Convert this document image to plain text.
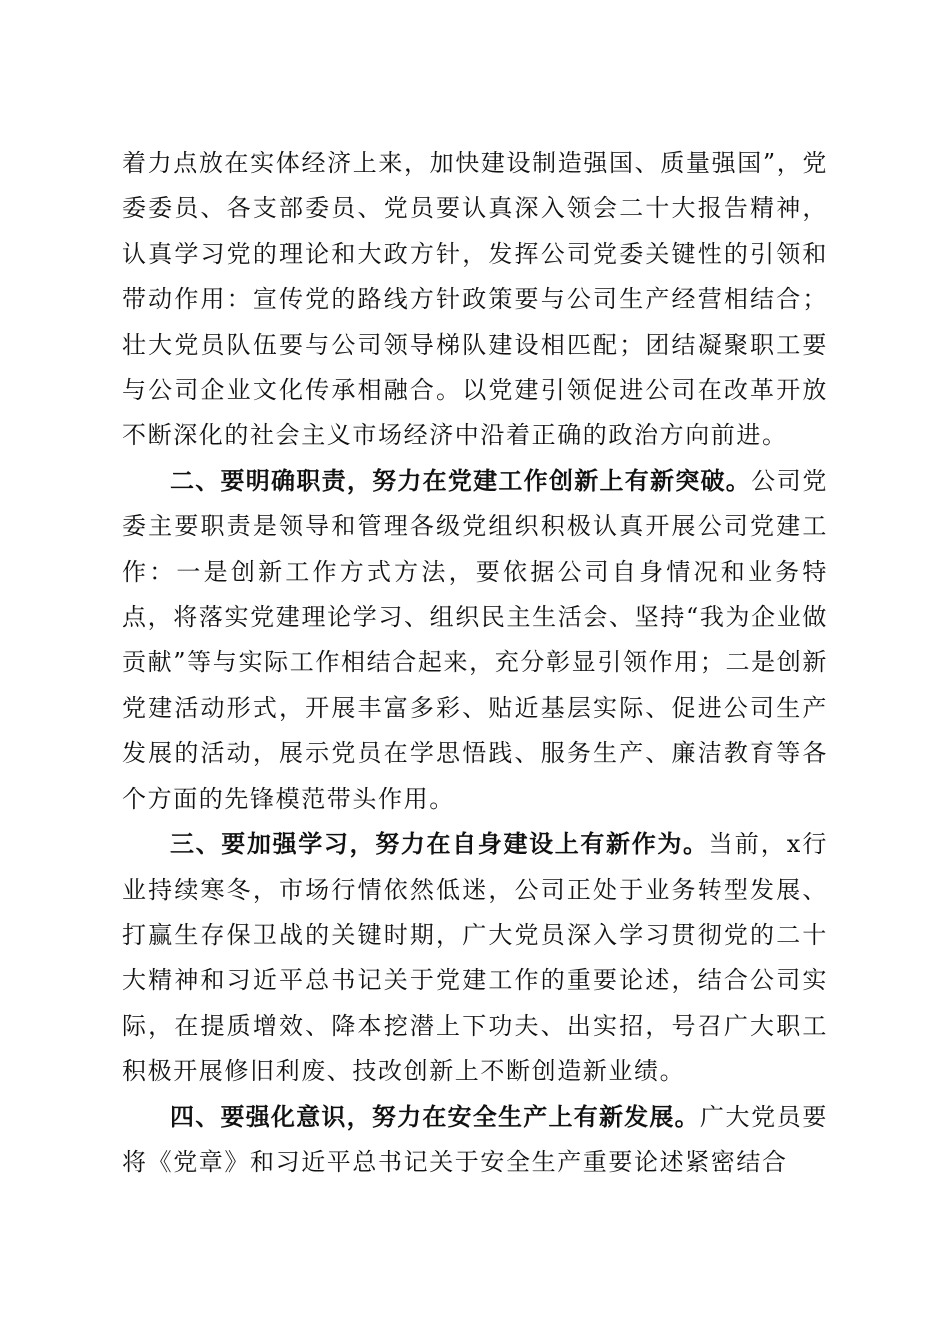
着力点放在实体经济上来，加快建设制造强国、质量强国”，党委委员、各支部委员、党员要认真深入领会二十大报告精神，认真学习党的理论和大政方针，发挥公司党委关键性的引领和带动作用：宣传党的路线方针政策要与公司生产经营相结合；壮大党员队伍要与公司领导梯队建设相匹配；团结凝聚职工要与公司企业文化传承相融合。以党建引领促进公司在改革开放不断深化的社会主义市场经济中沿着正确的政治方向前进。

二、要明确职责，努力在党建工作创新上有新突破。公司党委主要职责是领导和管理各级党组织积极认真开展公司党建工作：一是创新工作方式方法，要依据公司自身情况和业务特点，将落实党建理论学习、组织民主生活会、坚持“我为企业做贡献”等与实际工作相结合起来，充分彰显引领作用；二是创新党建活动形式，开展丰富多彩、贴近基层实际、促进公司生产发展的活动，展示党员在学思悟践、服务生产、廉洁教育等各个方面的先锋模范带头作用。

三、要加强学习，努力在自身建设上有新作为。当前，x行业持续寒冬，市场行情依然低迷，公司正处于业务转型发展、打赢生存保卫战的关键时期，广大党员深入学习贯彻党的二十大精神和习近平总书记关于党建工作的重要论述，结合公司实际，在提质增效、降本挖潜上下功夫、出实招，号召广大职工积极开展修旧利废、技改创新上不断创造新业绩。

四、要强化意识，努力在安全生产上有新发展。广大党员要将《党章》和习近平总书记关于安全生产重要论述紧密结合
